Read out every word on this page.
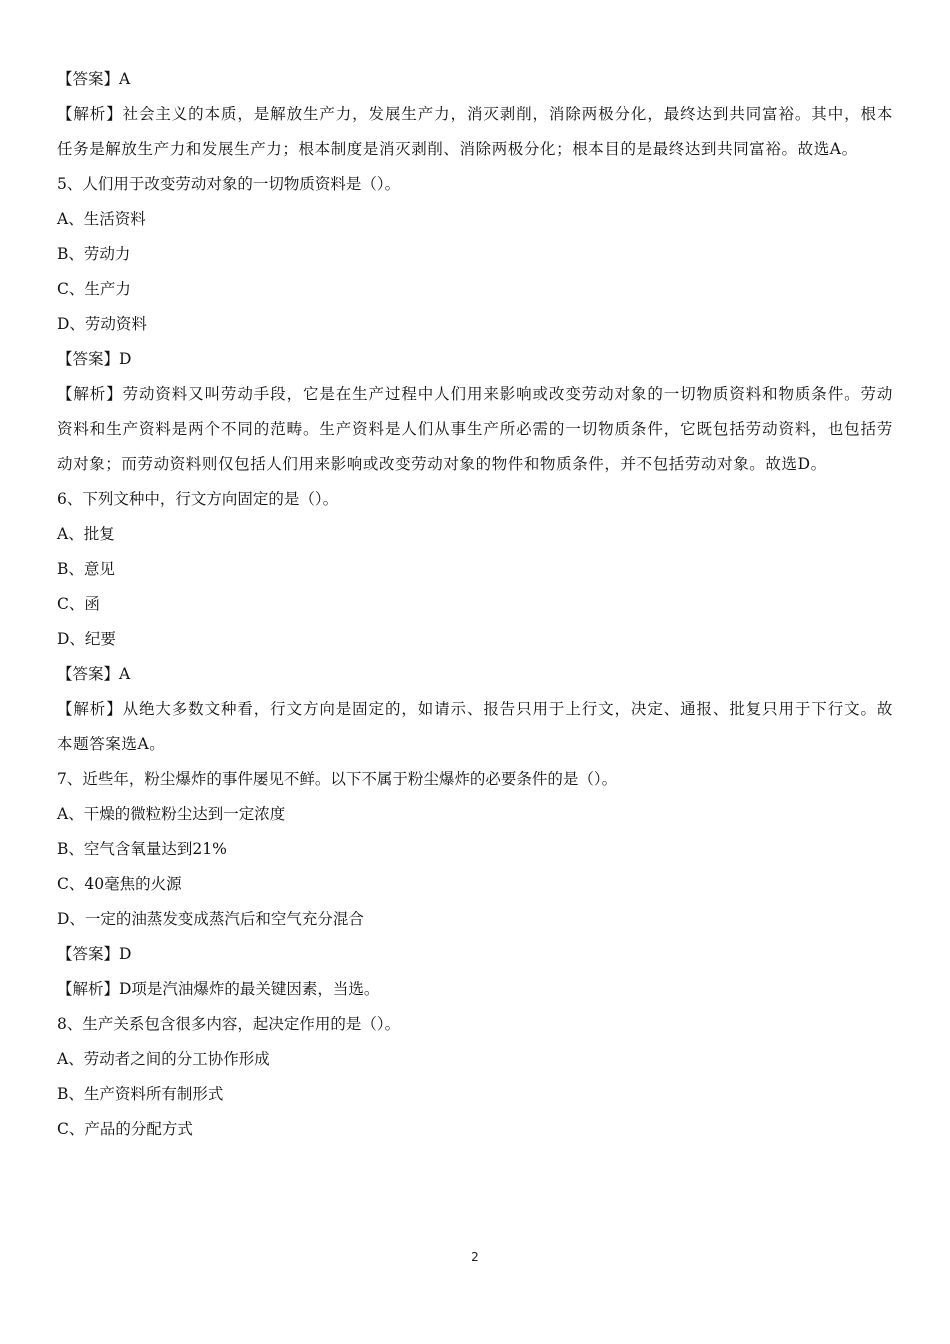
【答案】A
【解析】社会主义的本质，是解放生产力，发展生产力，消灭剥削，消除两极分化，最终达到共同富裕。其中，根本任务是解放生产力和发展生产力；根本制度是消灭剥削、消除两极分化；根本目的是最终达到共同富裕。故选A。
5、人们用于改变劳动对象的一切物质资料是（）。
A、生活资料
B、劳动力
C、生产力
D、劳动资料
【答案】D
【解析】劳动资料又叫劳动手段，它是在生产过程中人们用来影响或改变劳动对象的一切物质资料和物质条件。劳动资料和生产资料是两个不同的范畴。生产资料是人们从事生产所必需的一切物质条件，它既包括劳动资料，也包括劳动对象；而劳动资料则仅包括人们用来影响或改变劳动对象的物件和物质条件，并不包括劳动对象。故选D。
6、下列文种中，行文方向固定的是（）。
A、批复
B、意见
C、函
D、纪要
【答案】A
【解析】从绝大多数文种看，行文方向是固定的，如请示、报告只用于上行文，决定、通报、批复只用于下行文。故本题答案选A。
7、近些年，粉尘爆炸的事件屡见不鲜。以下不属于粉尘爆炸的必要条件的是（）。
A、干燥的微粒粉尘达到一定浓度
B、空气含氧量达到21%
C、40毫焦的火源
D、一定的油蒸发变成蒸汽后和空气充分混合
【答案】D
【解析】D项是汽油爆炸的最关键因素，当选。
8、生产关系包含很多内容，起决定作用的是（）。
A、劳动者之间的分工协作形成
B、生产资料所有制形式
C、产品的分配方式
2
